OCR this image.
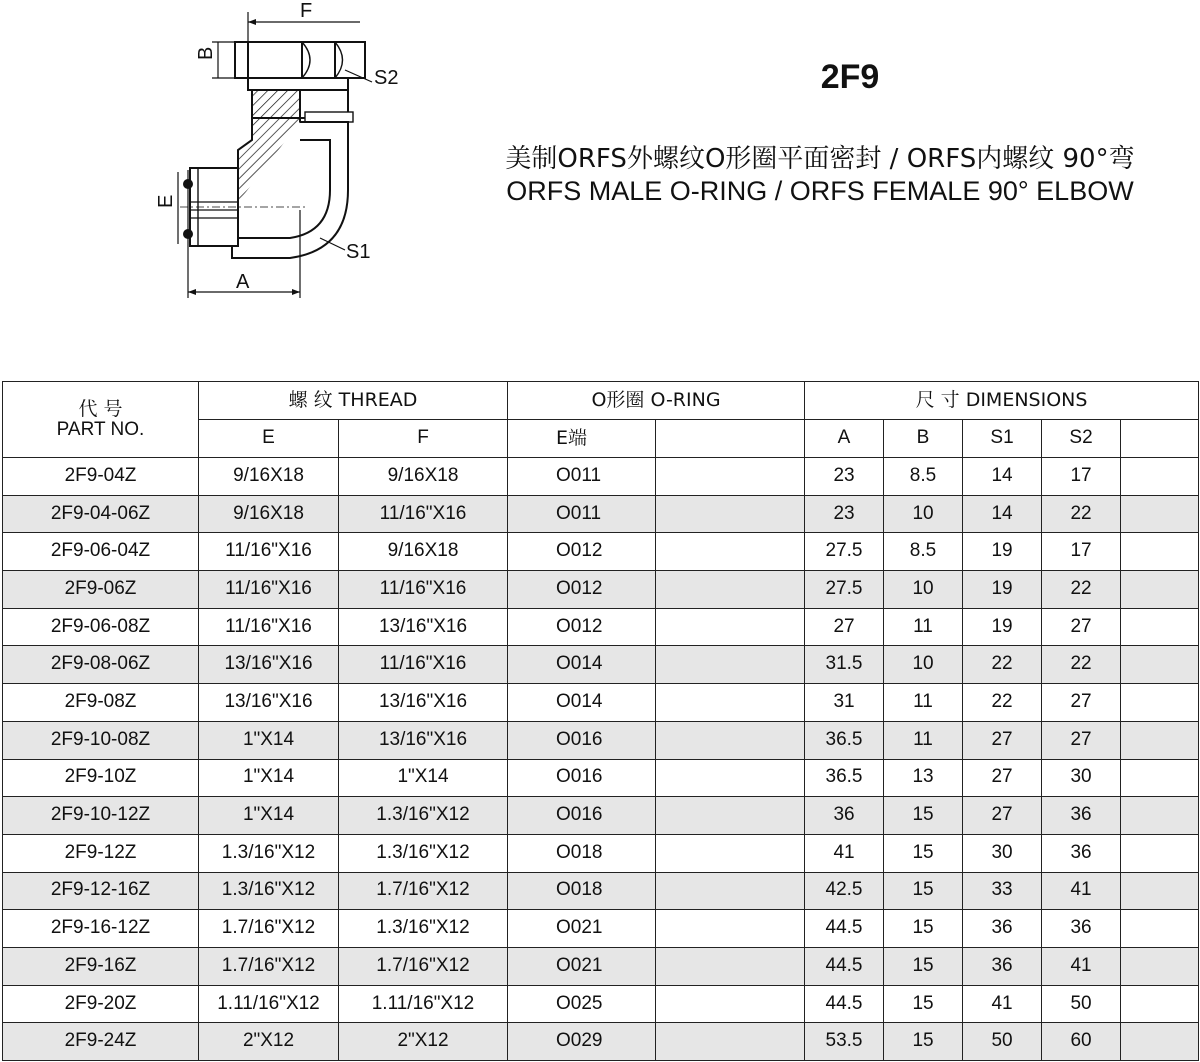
F
B
S2
E
S1
A
2F9
美制ORFS外螺纹O形圈平面密封 / ORFS内螺纹 90°弯
ORFS MALE O-RING / ORFS FEMALE 90° ELBOW
代 号
PART NO.	螺 纹 THREAD		O形圈 O-RING		尺 寸 DIMENSIONS				
	E	F	E端		A	B	S1	S2	
2F9-04Z	9/16X18	9/16X18	O011		23	8.5	14	17	
2F9-04-06Z	9/16X18	11/16"X16	O011		23	10	14	22	
2F9-06-04Z	11/16"X16	9/16X18	O012		27.5	8.5	19	17	
2F9-06Z	11/16"X16	11/16"X16	O012		27.5	10	19	22	
2F9-06-08Z	11/16"X16	13/16"X16	O012		27	11	19	27	
2F9-08-06Z	13/16"X16	11/16"X16	O014		31.5	10	22	22	
2F9-08Z	13/16"X16	13/16"X16	O014		31	11	22	27	
2F9-10-08Z	1"X14	13/16"X16	O016		36.5	11	27	27	
2F9-10Z	1"X14	1"X14	O016		36.5	13	27	30	
2F9-10-12Z	1"X14	1.3/16"X12	O016		36	15	27	36	
2F9-12Z	1.3/16"X12	1.3/16"X12	O018		41	15	30	36	
2F9-12-16Z	1.3/16"X12	1.7/16"X12	O018		42.5	15	33	41	
2F9-16-12Z	1.7/16"X12	1.3/16"X12	O021		44.5	15	36	36	
2F9-16Z	1.7/16"X12	1.7/16"X12	O021		44.5	15	36	41	
2F9-20Z	1.11/16"X12	1.11/16"X12	O025		44.5	15	41	50	
2F9-24Z	2"X12	2"X12	O029		53.5	15	50	60	
